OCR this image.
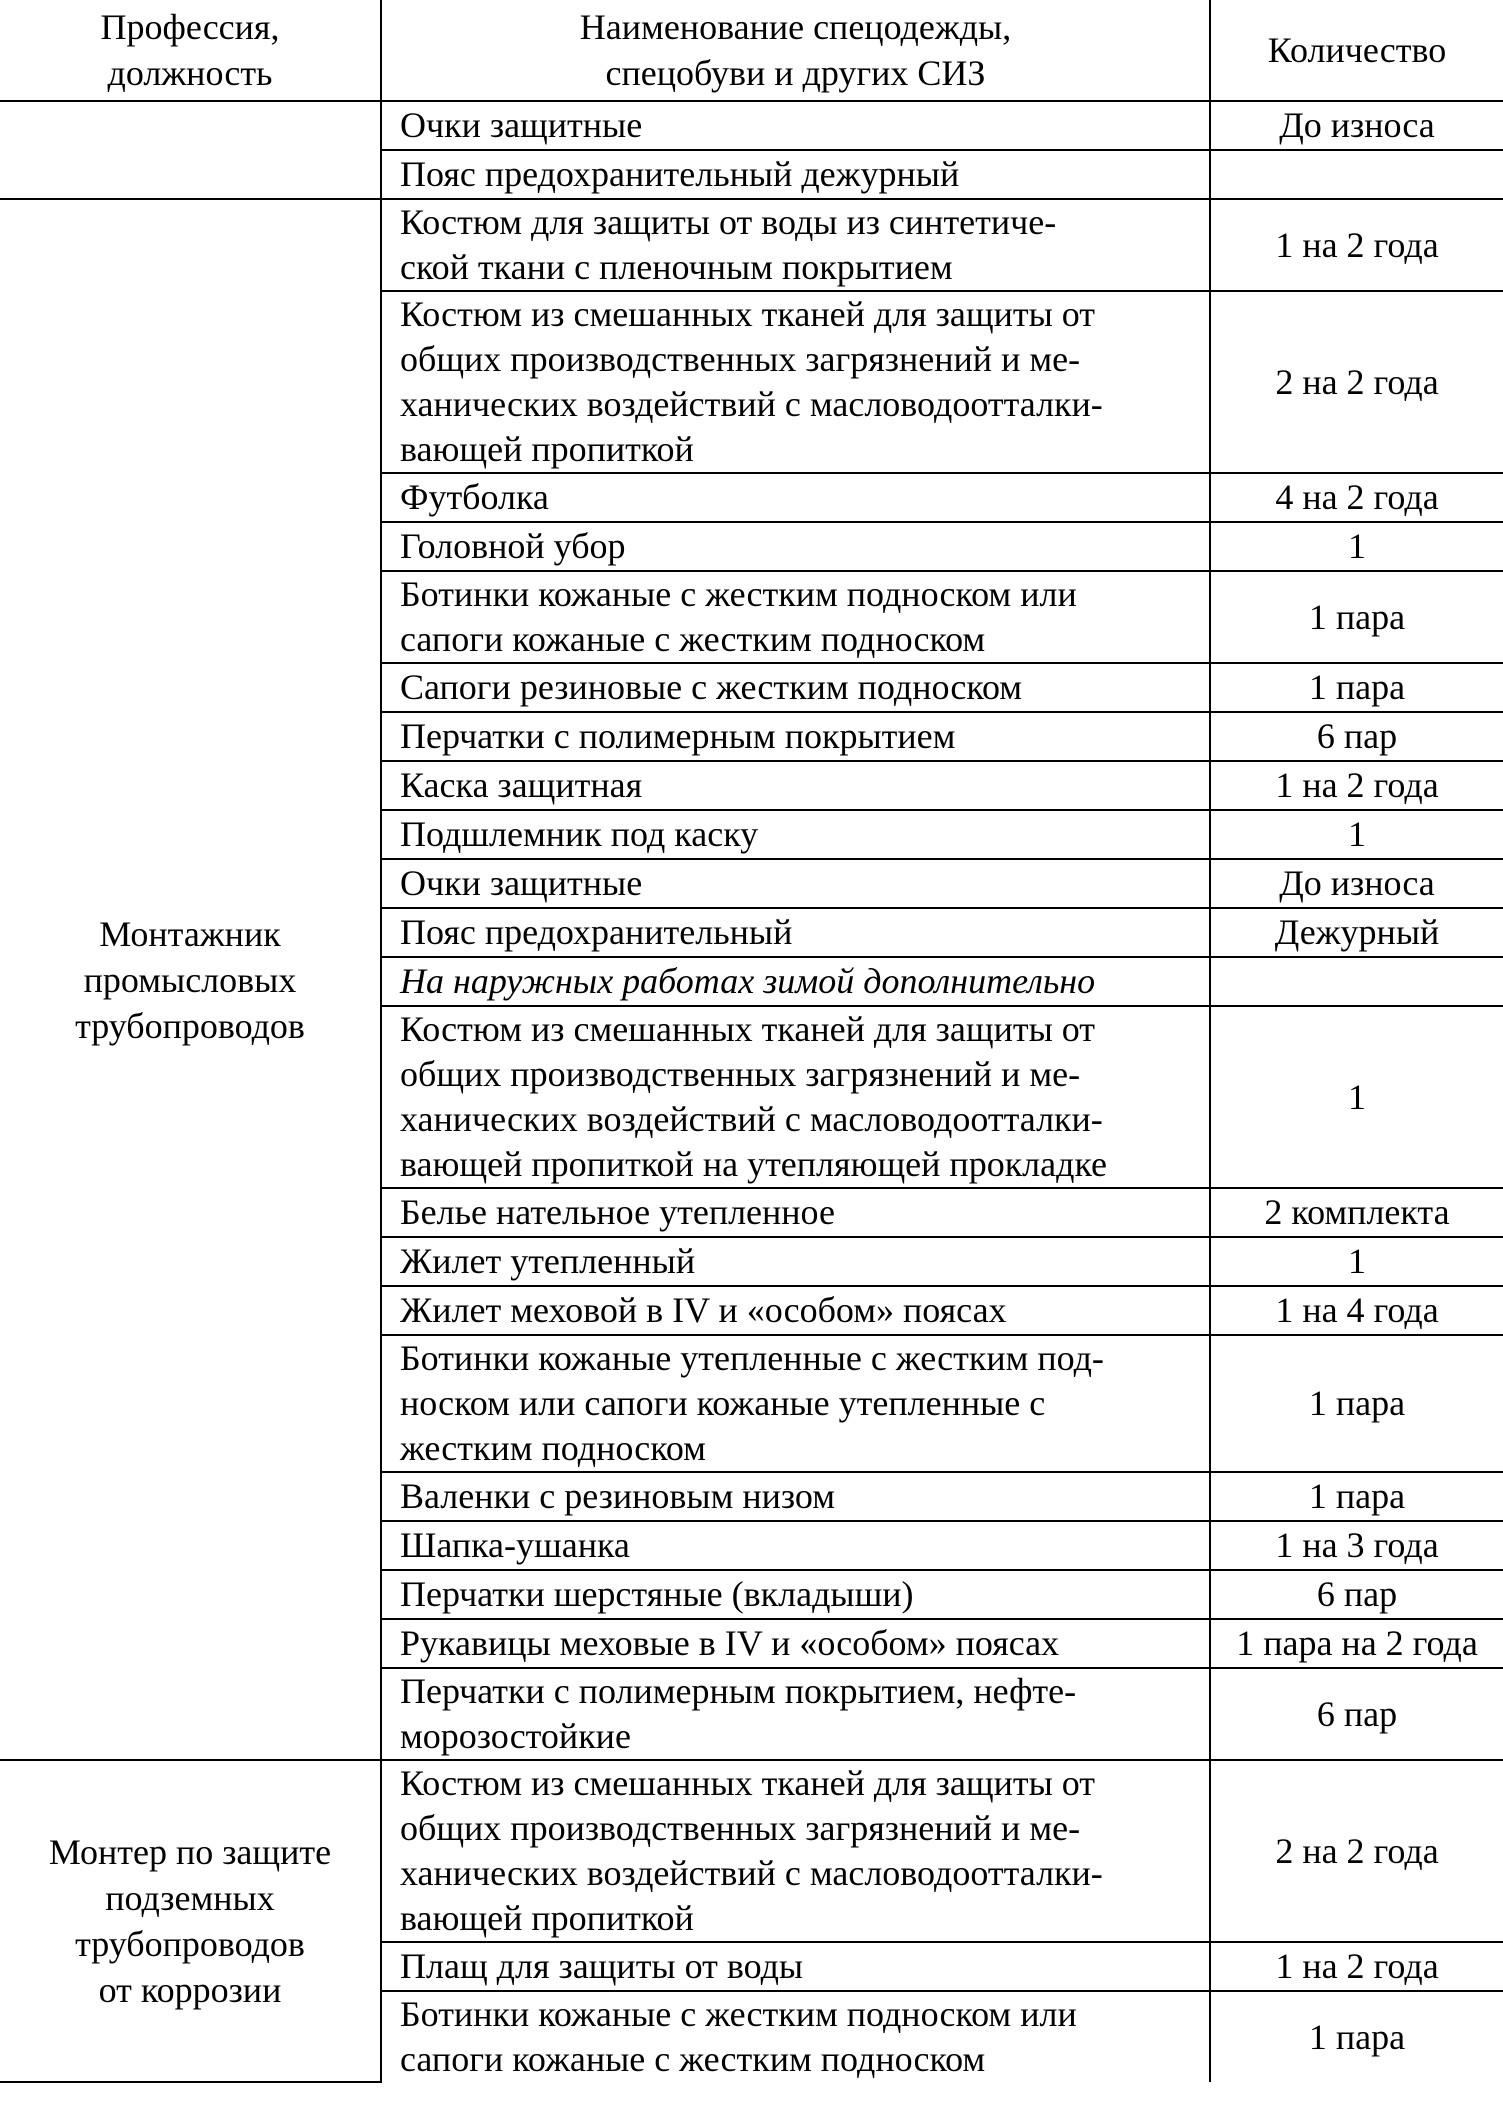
Профессия,
должность	Наименование спецодежды,
спецобуви и других СИЗ	Количество
	Очки защитные	До износа
	Пояс предохранительный дежурный	
Монтажник
промысловых
трубопроводов	Костюм для защиты от воды из синтетиче-
ской ткани с пленочным покрытием	1 на 2 года
	Костюм из смешанных тканей для защиты от
общих производственных загрязнений и ме-
ханических воздействий с масловодоотталки-
вающей пропиткой	2 на 2 года
	Футболка	4 на 2 года
	Головной убор	1
	Ботинки кожаные с жестким подноском или
сапоги кожаные с жестким подноском	1 пара
	Сапоги резиновые с жестким подноском	1 пара
	Перчатки с полимерным покрытием	6 пар
	Каска защитная	1 на 2 года
	Подшлемник под каску	1
	Очки защитные	До износа
	Пояс предохранительный	Дежурный
	На наружных работах зимой дополнительно	
	Костюм из смешанных тканей для защиты от
общих производственных загрязнений и ме-
ханических воздействий с масловодоотталки-
вающей пропиткой на утепляющей прокладке	1
	Белье нательное утепленное	2 комплекта
	Жилет утепленный	1
	Жилет меховой в IV и «особом» поясах	1 на 4 года
	Ботинки кожаные утепленные с жестким под-
носком или сапоги кожаные утепленные с
жестким подноском	1 пара
	Валенки с резиновым низом	1 пара
	Шапка-ушанка	1 на 3 года
	Перчатки шерстяные (вкладыши)	6 пар
	Рукавицы меховые в IV и «особом» поясах	1 пара на 2 года
	Перчатки с полимерным покрытием, нефте-
морозостойкие	6 пар
Монтер по защите
подземных
трубопроводов
от коррозии	Костюм из смешанных тканей для защиты от
общих производственных загрязнений и ме-
ханических воздействий с масловодоотталки-
вающей пропиткой	2 на 2 года
	Плащ для защиты от воды	1 на 2 года
	Ботинки кожаные с жестким подноском или
сапоги кожаные с жестким подноском	1 пара
